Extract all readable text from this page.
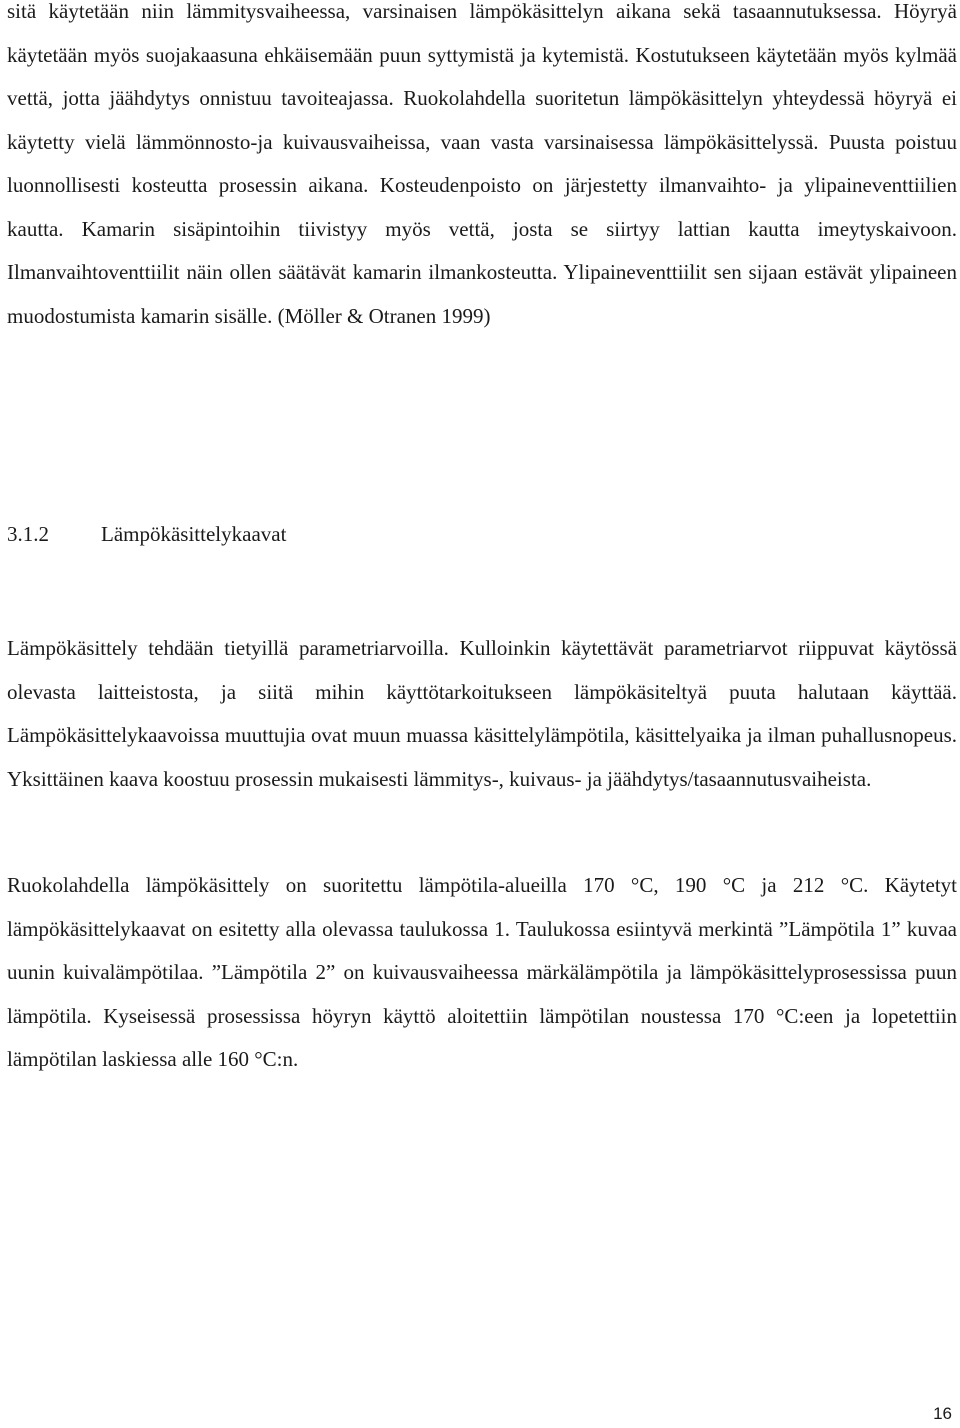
sitä käytetään niin lämmitysvaiheessa, varsinaisen lämpökäsittelyn aikana sekä tasaannutuksessa. Höyryä käytetään myös suojakaasuna ehkäisemään puun syttymistä ja kytemistä. Kostutukseen käytetään myös kylmää vettä, jotta jäähdytys onnistuu tavoiteajassa. Ruokolahdella suoritetun lämpökäsittelyn yhteydessä höyryä ei käytetty vielä lämmönnosto-ja kuivausvaiheissa, vaan vasta varsinaisessa lämpökäsittelyssä. Puusta poistuu luonnollisesti kosteutta prosessin aikana. Kosteudenpoisto on järjestetty ilmanvaihto- ja ylipaineventtiilien kautta. Kamarin sisäpintoihin tiivistyy myös vettä, josta se siirtyy lattian kautta imeytyskaivoon. Ilmanvaihtoventtiilit näin ollen säätävät kamarin ilmankosteutta. Ylipaineventtiilit sen sijaan estävät ylipaineen muodostumista kamarin sisälle. (Möller & Otranen 1999)

3.1.2 Lämpökäsittelykaavat

Lämpökäsittely tehdään tietyillä parametriarvoilla. Kulloinkin käytettävät parametriarvot riippuvat käytössä olevasta laitteistosta, ja siitä mihin käyttötarkoitukseen lämpökäsiteltyä puuta halutaan käyttää. Lämpökäsittelykaavoissa muuttujia ovat muun muassa käsittelylämpötila, käsittelyaika ja ilman puhallusnopeus. Yksittäinen kaava koostuu prosessin mukaisesti lämmitys-, kuivaus- ja jäähdytys/tasaannutusvaiheista.

Ruokolahdella lämpökäsittely on suoritettu lämpötila-alueilla 170 °C, 190 °C ja 212 °C. Käytetyt lämpökäsittelykaavat on esitetty alla olevassa taulukossa 1. Taulukossa esiintyvä merkintä ”Lämpötila 1” kuvaa uunin kuivalämpötilaa. ”Lämpötila 2” on kuivausvaiheessa märkälämpötila ja lämpökäsittelyprosessissa puun lämpötila. Kyseisessä prosessissa höyryn käyttö aloitettiin lämpötilan noustessa 170 °C:een ja lopetettiin lämpötilan laskiessa alle 160 °C:n.

16
